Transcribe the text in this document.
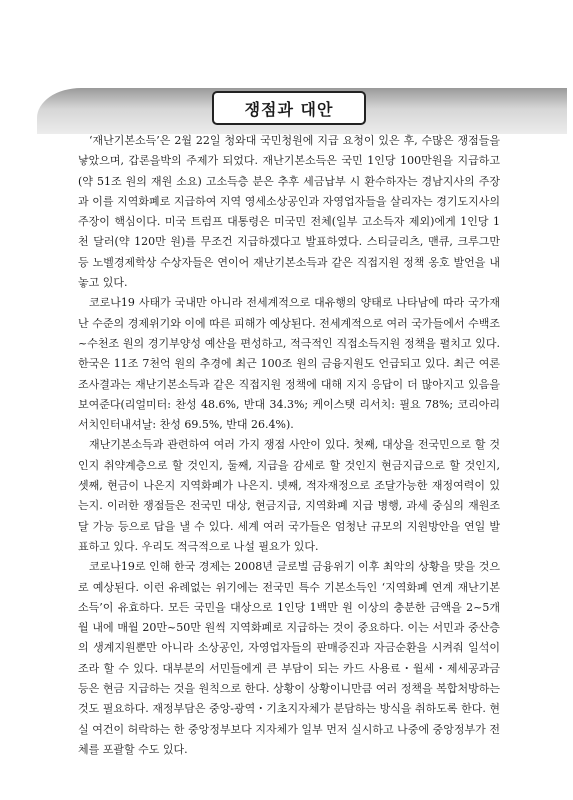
쟁점과 대안

‘재난기본소득’은 2월 22일 청와대 국민청원에 지급 요청이 있은 후, 수많은 쟁점들을 낳았으며, 갑론을박의 주제가 되었다. 재난기본소득은 국민 1인당 100만원을 지급하고(약 51조 원의 재원 소요) 고소득층 분은 추후 세금납부 시 환수하자는 경남지사의 주장과 이를 지역화폐로 지급하여 지역 영세소상공인과 자영업자들을 살리자는 경기도지사의 주장이 핵심이다. 미국 트럼프 대통령은 미국민 전체(일부 고소득자 제외)에게 1인당 1천 달러(약 120만 원)를 무조건 지급하겠다고 발표하였다. 스티글리츠, 맨큐, 크루그만 등 노벨경제학상 수상자들은 연이어 재난기본소득과 같은 직접지원 정책 옹호 발언을 내놓고 있다.

코로나19 사태가 국내만 아니라 전세계적으로 대유행의 양태로 나타남에 따라 국가재난 수준의 경제위기와 이에 따른 피해가 예상된다. 전세계적으로 여러 국가들에서 수백조~수천조 원의 경기부양성 예산을 편성하고, 적극적인 직접소득지원 정책을 펼치고 있다. 한국은 11조 7천억 원의 추경에 최근 100조 원의 금융지원도 언급되고 있다. 최근 여론조사결과는 재난기본소득과 같은 직접지원 정책에 대해 지지 응답이 더 많아지고 있음을 보여준다(리얼미터: 찬성 48.6%, 반대 34.3%; 케이스탯 리서치: 필요 78%; 코리아리서치인터내셔날: 찬성 69.5%, 반대 26.4%).

재난기본소득과 관련하여 여러 가지 쟁점 사안이 있다. 첫째, 대상을 전국민으로 할 것인지 취약계층으로 할 것인지, 둘째, 지급을 감세로 할 것인지 현금지급으로 할 것인지, 셋째, 현금이 나은지 지역화폐가 나은지. 넷째, 적자재정으로 조달가능한 재정여력이 있는지. 이러한 쟁점들은 전국민 대상, 현금지급, 지역화폐 지급 병행, 과세 중심의 재원조달 가능 등으로 답을 낼 수 있다. 세계 여러 국가들은 엄청난 규모의 지원방안을 연일 발표하고 있다. 우리도 적극적으로 나설 필요가 있다.

코로나19로 인해 한국 경제는 2008년 글로벌 금융위기 이후 최악의 상황을 맞을 것으로 예상된다. 이런 유례없는 위기에는 전국민 특수 기본소득인 ‘지역화폐 연계 재난기본소득’이 유효하다. 모든 국민을 대상으로 1인당 1백만 원 이상의 충분한 금액을 2~5개월 내에 매월 20만~50만 원씩 지역화폐로 지급하는 것이 중요하다. 이는 서민과 중산층의 생계지원뿐만 아니라 소상공인, 자영업자들의 판매증진과 자금순환을 시켜줘 일석이조라 할 수 있다. 대부분의 서민들에게 큰 부담이 되는 카드 사용료・월세・제세공과금 등은 현금 지급하는 것을 원칙으로 한다. 상황이 상황이니만큼 여러 정책을 복합처방하는 것도 필요하다. 재정부담은 중앙-광역・기초지자체가 분담하는 방식을 취하도록 한다. 현실 여건이 허락하는 한 중앙정부보다 지자체가 일부 먼저 실시하고 나중에 중앙정부가 전체를 포괄할 수도 있다.
